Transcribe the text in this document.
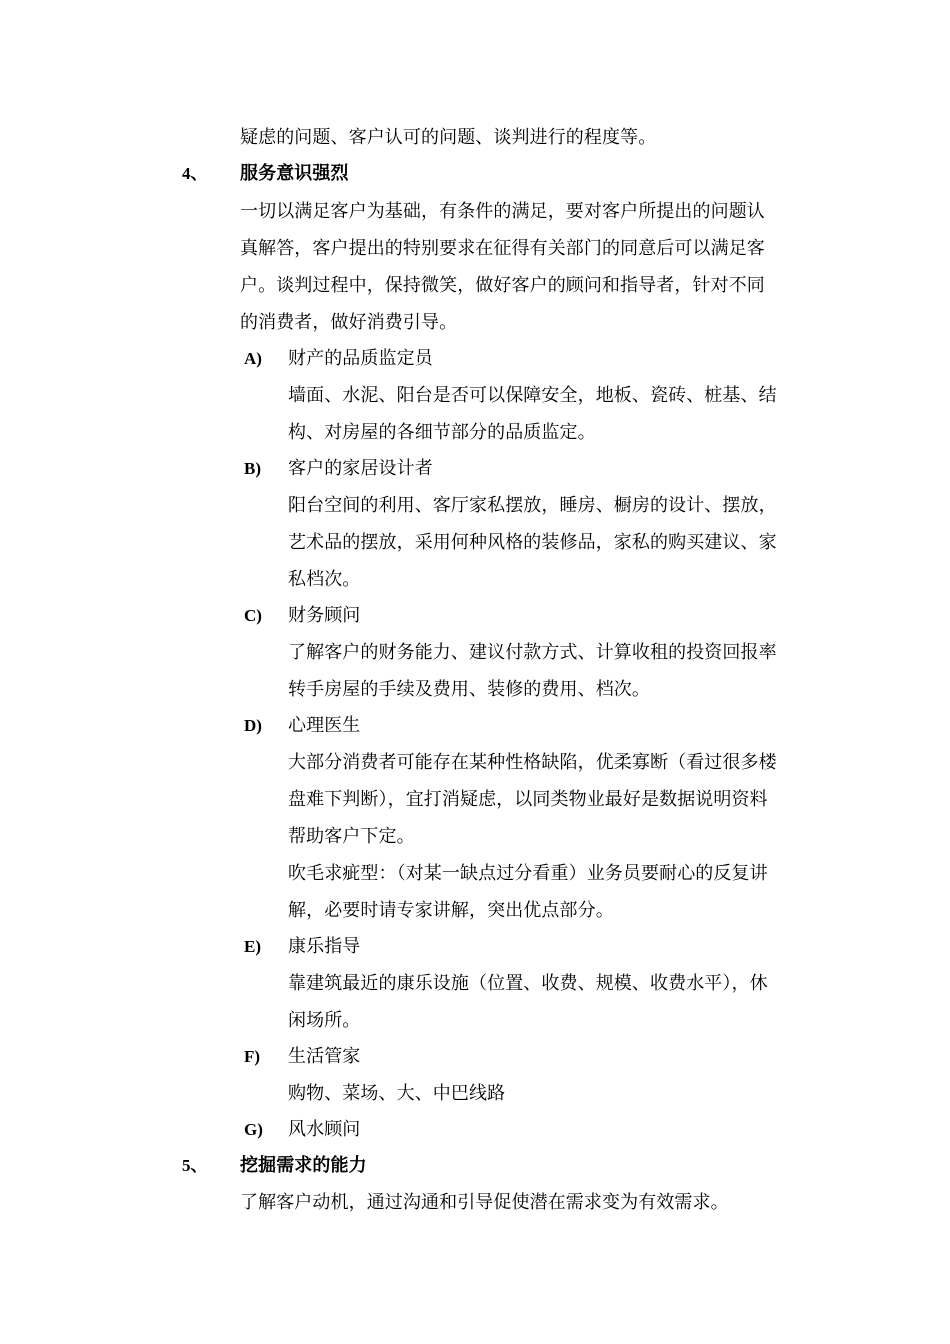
疑虑的问题、客户认可的问题、谈判进行的程度等。
4、 服务意识强烈
一切以满足客户为基础，有条件的满足，要对客户所提出的问题认
真解答，客户提出的特别要求在征得有关部门的同意后可以满足客
户。谈判过程中，保持微笑，做好客户的顾问和指导者，针对不同
的消费者，做好消费引导。
A) 财产的品质监定员
墙面、水泥、阳台是否可以保障安全，地板、瓷砖、桩基、结
构、对房屋的各细节部分的品质监定。
B) 客户的家居设计者
阳台空间的利用、客厅家私摆放，睡房、橱房的设计、摆放，
艺术品的摆放，采用何种风格的装修品，家私的购买建议、家
私档次。
C) 财务顾问
了解客户的财务能力、建议付款方式、计算收租的投资回报率
转手房屋的手续及费用、装修的费用、档次。
D) 心理医生
大部分消费者可能存在某种性格缺陷，优柔寡断（看过很多楼
盘难下判断），宜打消疑虑，以同类物业最好是数据说明资料
帮助客户下定。
吹毛求疵型：（对某一缺点过分看重）业务员要耐心的反复讲
解，必要时请专家讲解，突出优点部分。
E) 康乐指导
靠建筑最近的康乐设施（位置、收费、规模、收费水平），休
闲场所。
F) 生活管家
购物、菜场、大、中巴线路
G) 风水顾问
5、 挖掘需求的能力
了解客户动机，通过沟通和引导促使潜在需求变为有效需求。
